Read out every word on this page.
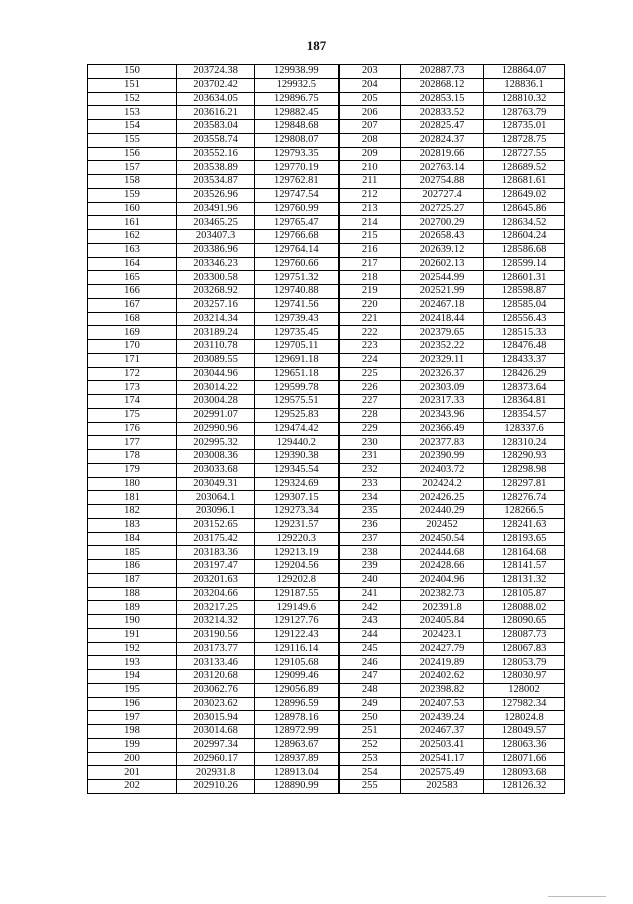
187
150	203724.38	129938.99	203	202887.73	128864.07
151	203702.42	129932.5	204	202868.12	128836.1
152	203634.05	129896.75	205	202853.15	128810.32
153	203616.21	129882.45	206	202833.52	128763.79
154	203583.04	129848.68	207	202825.47	128735.01
155	203558.74	129808.07	208	202824.37	128728.75
156	203552.16	129793.35	209	202819.66	128727.55
157	203538.89	129770.19	210	202763.14	128689.52
158	203534.87	129762.81	211	202754.88	128681.61
159	203526.96	129747.54	212	202727.4	128649.02
160	203491.96	129760.99	213	202725.27	128645.86
161	203465.25	129765.47	214	202700.29	128634.52
162	203407.3	129766.68	215	202658.43	128604.24
163	203386.96	129764.14	216	202639.12	128586.68
164	203346.23	129760.66	217	202602.13	128599.14
165	203300.58	129751.32	218	202544.99	128601.31
166	203268.92	129740.88	219	202521.99	128598.87
167	203257.16	129741.56	220	202467.18	128585.04
168	203214.34	129739.43	221	202418.44	128556.43
169	203189.24	129735.45	222	202379.65	128515.33
170	203110.78	129705.11	223	202352.22	128476.48
171	203089.55	129691.18	224	202329.11	128433.37
172	203044.96	129651.18	225	202326.37	128426.29
173	203014.22	129599.78	226	202303.09	128373.64
174	203004.28	129575.51	227	202317.33	128364.81
175	202991.07	129525.83	228	202343.96	128354.57
176	202990.96	129474.42	229	202366.49	128337.6
177	202995.32	129440.2	230	202377.83	128310.24
178	203008.36	129390.38	231	202390.99	128290.93
179	203033.68	129345.54	232	202403.72	128298.98
180	203049.31	129324.69	233	202424.2	128297.81
181	203064.1	129307.15	234	202426.25	128276.74
182	203096.1	129273.34	235	202440.29	128266.5
183	203152.65	129231.57	236	202452	128241.63
184	203175.42	129220.3	237	202450.54	128193.65
185	203183.36	129213.19	238	202444.68	128164.68
186	203197.47	129204.56	239	202428.66	128141.57
187	203201.63	129202.8	240	202404.96	128131.32
188	203204.66	129187.55	241	202382.73	128105.87
189	203217.25	129149.6	242	202391.8	128088.02
190	203214.32	129127.76	243	202405.84	128090.65
191	203190.56	129122.43	244	202423.1	128087.73
192	203173.77	129116.14	245	202427.79	128067.83
193	203133.46	129105.68	246	202419.89	128053.79
194	203120.68	129099.46	247	202402.62	128030.97
195	203062.76	129056.89	248	202398.82	128002
196	203023.62	128996.59	249	202407.53	127982.34
197	203015.94	128978.16	250	202439.24	128024.8
198	203014.68	128972.99	251	202467.37	128049.57
199	202997.34	128963.67	252	202503.41	128063.36
200	202960.17	128937.89	253	202541.17	128071.66
201	202931.8	128913.04	254	202575.49	128093.68
202	202910.26	128890.99	255	202583	128126.32
